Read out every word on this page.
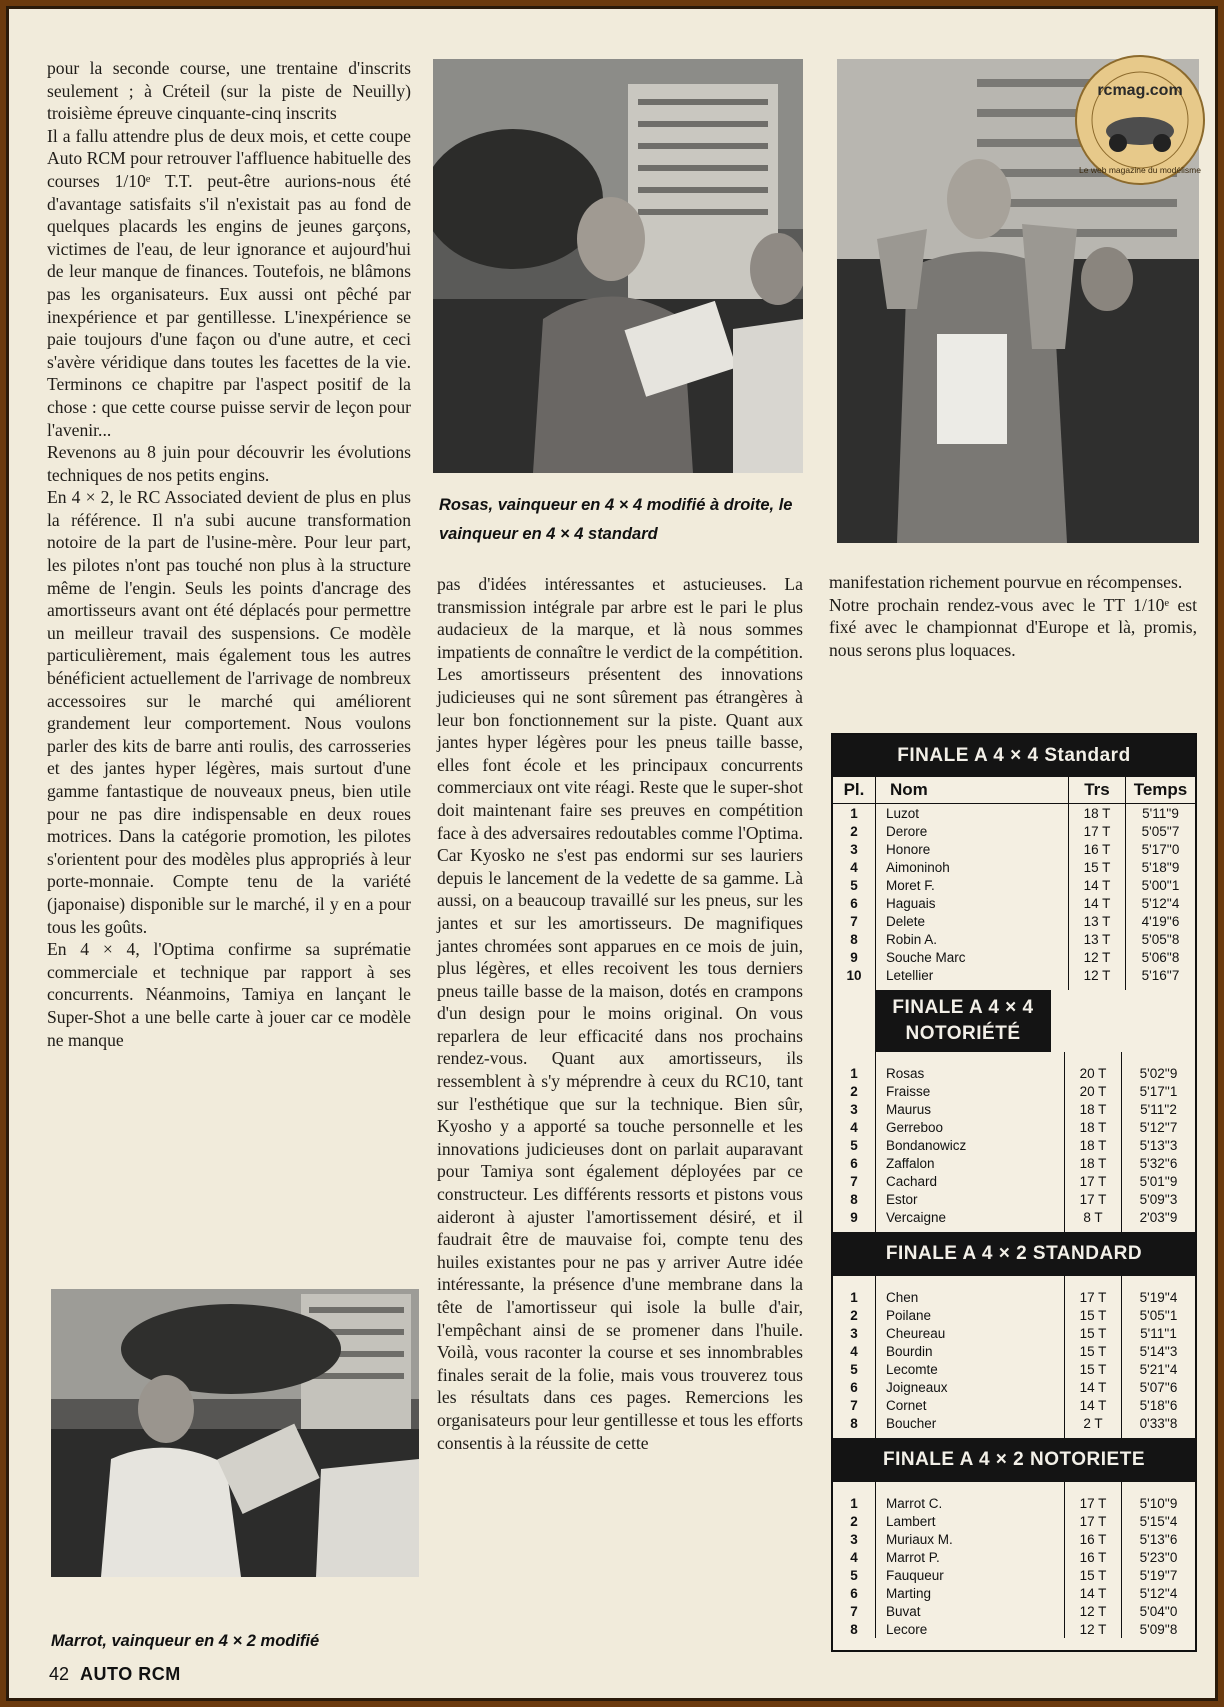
pour la seconde course, une trentaine d'inscrits seulement ; à Créteil (sur la piste de Neuilly) troisième épreuve cinquante-cinq inscrits

Il a fallu attendre plus de deux mois, et cette coupe Auto RCM pour retrouver l'affluence habituelle des courses 1/10ᵉ T.T. peut-être aurions-nous été d'avantage satisfaits s'il n'existait pas au fond de quelques placards les engins de jeunes garçons, victimes de l'eau, de leur ignorance et aujourd'hui de leur manque de finances. Toutefois, ne blâmons pas les organisateurs. Eux aussi ont pêché par inexpérience et par gentillesse. L'inexpérience se paie toujours d'une façon ou d'une autre, et ceci s'avère véridique dans toutes les facettes de la vie. Terminons ce chapitre par l'aspect positif de la chose : que cette course puisse servir de leçon pour l'avenir...

Revenons au 8 juin pour découvrir les évolutions techniques de nos petits engins.

En 4 × 2, le RC Associated devient de plus en plus la référence. Il n'a subi aucune transformation notoire de la part de l'usine-mère. Pour leur part, les pilotes n'ont pas touché non plus à la structure même de l'engin. Seuls les points d'ancrage des amortisseurs avant ont été déplacés pour permettre un meilleur travail des suspensions. Ce modèle particulièrement, mais également tous les autres bénéficient actuellement de l'arrivage de nombreux accessoires sur le marché qui améliorent grandement leur comportement. Nous voulons parler des kits de barre anti roulis, des carrosseries et des jantes hyper légères, mais surtout d'une gamme fantastique de nouveaux pneus, bien utile pour ne pas dire indispensable en deux roues motrices. Dans la catégorie promotion, les pilotes s'orientent pour des modèles plus appropriés à leur porte-monnaie. Compte tenu de la variété (japonaise) disponible sur le marché, il y en a pour tous les goûts.

En 4 × 4, l'Optima confirme sa suprématie commerciale et technique par rapport à ses concurrents. Néanmoins, Tamiya en lançant le Super-Shot a une belle carte à jouer car ce modèle ne manque

Rosas, vainqueur en 4 × 4 modifié à droite, le vainqueur en 4 × 4 standard
rcmag.com
Le web magazine du modélisme

pas d'idées intéressantes et astucieuses. La transmission intégrale par arbre est le pari le plus audacieux de la marque, et là nous sommes impatients de connaître le verdict de la compétition. Les amortisseurs présentent des innovations judicieuses qui ne sont sûrement pas étrangères à leur bon fonctionnement sur la piste. Quant aux jantes hyper légères pour les pneus taille basse, elles font école et les principaux concurrents commerciaux ont vite réagi. Reste que le super-shot doit maintenant faire ses preuves en compétition face à des adversaires redoutables comme l'Optima. Car Kyosko ne s'est pas endormi sur ses lauriers depuis le lancement de la vedette de sa gamme. Là aussi, on a beaucoup travaillé sur les pneus, sur les jantes et sur les amortisseurs. De magnifiques jantes chromées sont apparues en ce mois de juin, plus légères, et elles recoivent les tous derniers pneus taille basse de la maison, dotés en crampons d'un design pour le moins original. On vous reparlera de leur efficacité dans nos prochains rendez-vous. Quant aux amortisseurs, ils ressemblent à s'y méprendre à ceux du RC10, tant sur l'esthétique que sur la technique. Bien sûr, Kyosho y a apporté sa touche personnelle et les innovations judicieuses dont on parlait auparavant pour Tamiya sont également déployées par ce constructeur. Les différents ressorts et pistons vous aideront à ajuster l'amortissement désiré, et il faudrait être de mauvaise foi, compte tenu des huiles existantes pour ne pas y arriver Autre idée intéressante, la présence d'une membrane dans la tête de l'amortisseur qui isole la bulle d'air, l'empêchant ainsi de se promener dans l'huile. Voilà, vous raconter la course et ses innombrables finales serait de la folie, mais vous trouverez tous les résultats dans ces pages. Remercions les organisateurs pour leur gentillesse et tous les efforts consentis à la réussite de cette

manifestation richement pourvue en récompenses.

Notre prochain rendez-vous avec le TT 1/10ᵉ est fixé avec le championnat d'Europe et là, promis, nous serons plus loquaces.

Marrot, vainqueur en 4 × 2 modifié
42 AUTO RCM
FINALE A 4 × 4 Standard
Pl.	Nom	Trs	Temps
1	Luzot	18 T	5'11''9
2	Derore	17 T	5'05''7
3	Honore	16 T	5'17''0
4	Aimoninoh	15 T	5'18''9
5	Moret F.	14 T	5'00''1
6	Haguais	14 T	5'12''4
7	Delete	13 T	4'19''6
8	Robin A.	13 T	5'05''8
9	Souche Marc	12 T	5'06''8
10	Letellier	12 T	5'16''7

FINALE A 4 × 4 NOTORIÉTÉ

1	Rosas	20 T	5'02''9
2	Fraisse	20 T	5'17''1
3	Maurus	18 T	5'11''2
4	Gerreboo	18 T	5'12''7
5	Bondanowicz	18 T	5'13''3
6	Zaffalon	18 T	5'32''6
7	Cachard	17 T	5'01''9
8	Estor	17 T	5'09''3
9	Vercaigne	8 T	2'03''9

FINALE A 4 × 2 STANDARD

1	Chen	17 T	5'19''4
2	Poilane	15 T	5'05''1
3	Cheureau	15 T	5'11''1
4	Bourdin	15 T	5'14''3
5	Lecomte	15 T	5'21''4
6	Joigneaux	14 T	5'07''6
7	Cornet	14 T	5'18''6
8	Boucher	2 T	0'33''8

FINALE A 4 × 2 NOTORIETE

1	Marrot C.	17 T	5'10''9
2	Lambert	17 T	5'15''4
3	Muriaux M.	16 T	5'13''6
4	Marrot P.	16 T	5'23''0
5	Fauqueur	15 T	5'19''7
6	Marting	14 T	5'12''4
7	Buvat	12 T	5'04''0
8	Lecore	12 T	5'09''8
